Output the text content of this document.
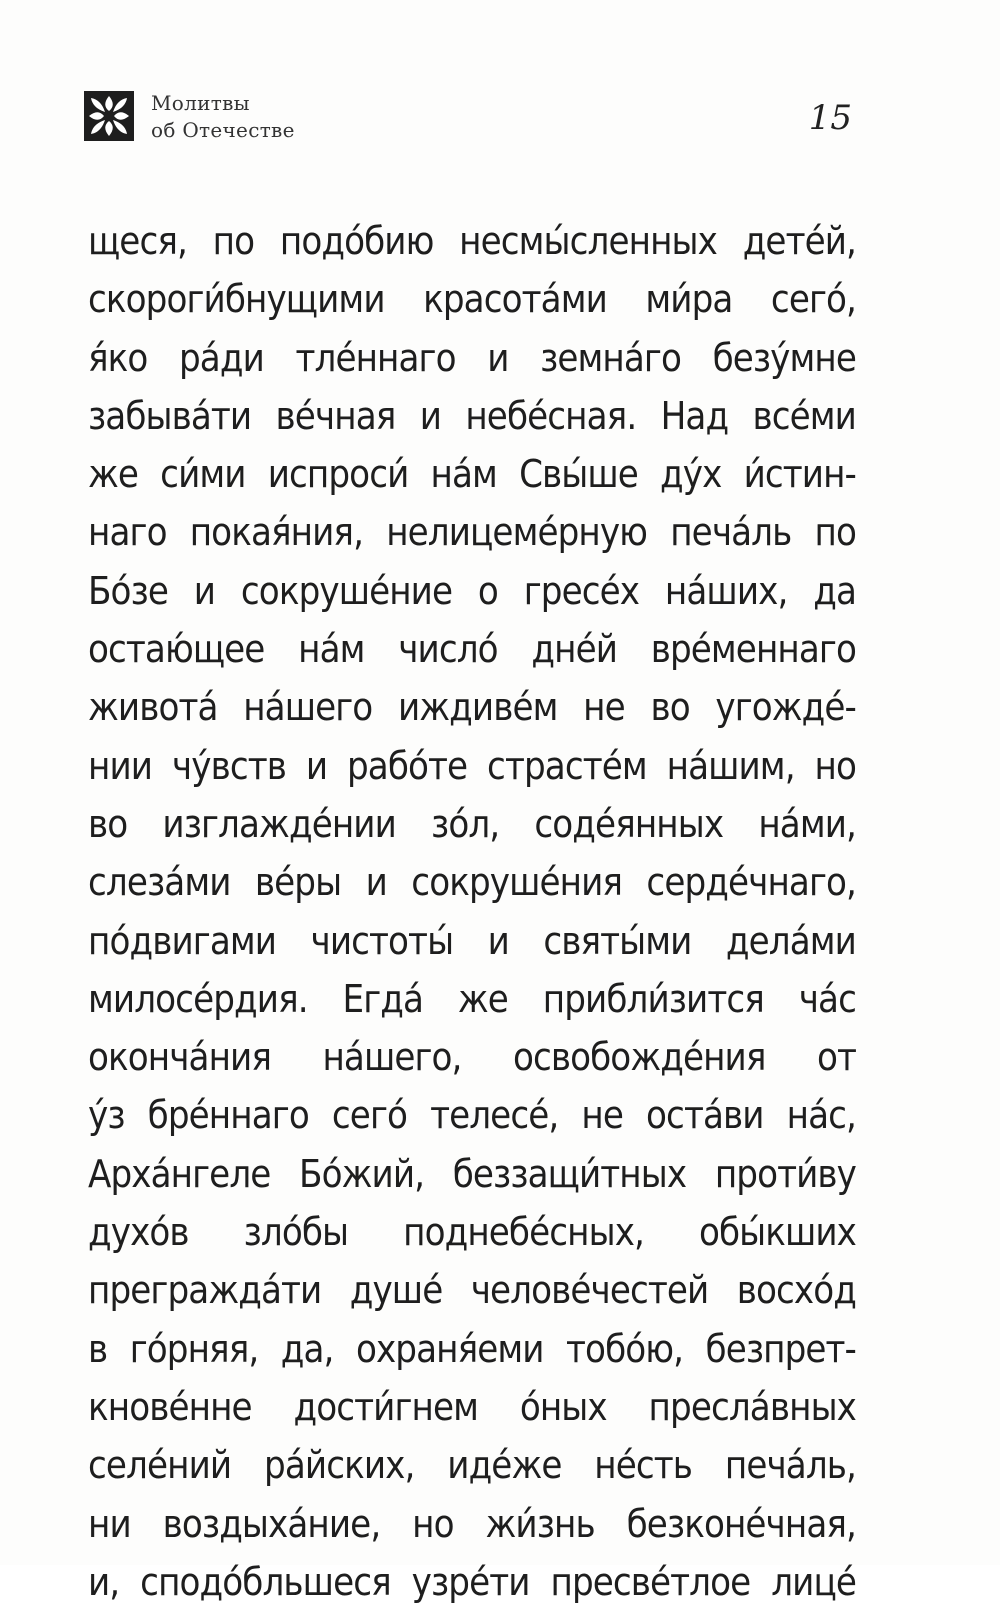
Молитвы
об Отечестве	15
щеся, по подо́бию несмы́сленных дете́й,
скороги́бнущими красота́ми ми́ра сего́,
я́ко ра́ди тле́ннаго и земна́го безу́мне
забыва́ти ве́чная и небе́сная. Над все́ми
же си́ми испроси́ на́м Свы́ше ду́х и́стин-
наго покая́ния, нелицеме́рную печа́ль по
Бо́зе и сокруше́ние о гресе́х на́ших, да
остаю́щее на́м число́ дне́й вре́меннаго
живота́ на́шего иждиве́м не во угожде́-
нии чу́вств и рабо́те страсте́м на́шим, но
во изглажде́нии зо́л, соде́янных на́ми,
слеза́ми ве́ры и сокруше́ния серде́чнаго,
по́двигами чистоты́ и святы́ми дела́ми
милосе́рдия. Егда́ же прибли́зится ча́с
оконча́ния на́шего, освобожде́ния от
у́з бре́ннаго сего́ телесе́, не оста́ви на́с,
Арха́нгеле Бо́жий, беззащи́тных проти́ву
духо́в зло́бы поднебе́сных, обы́кших
прегражда́ти душе́ челове́честей восхо́д
в го́рняя, да, охраня́еми тобо́ю, безпрет-
кнове́нне дости́гнем о́ных пресла́вных
селе́ний ра́йских, иде́же не́сть печа́ль,
ни воздыха́ние, но жи́знь безконе́чная,
и, сподо́бльшеся узре́ти пресве́тлое лице́
